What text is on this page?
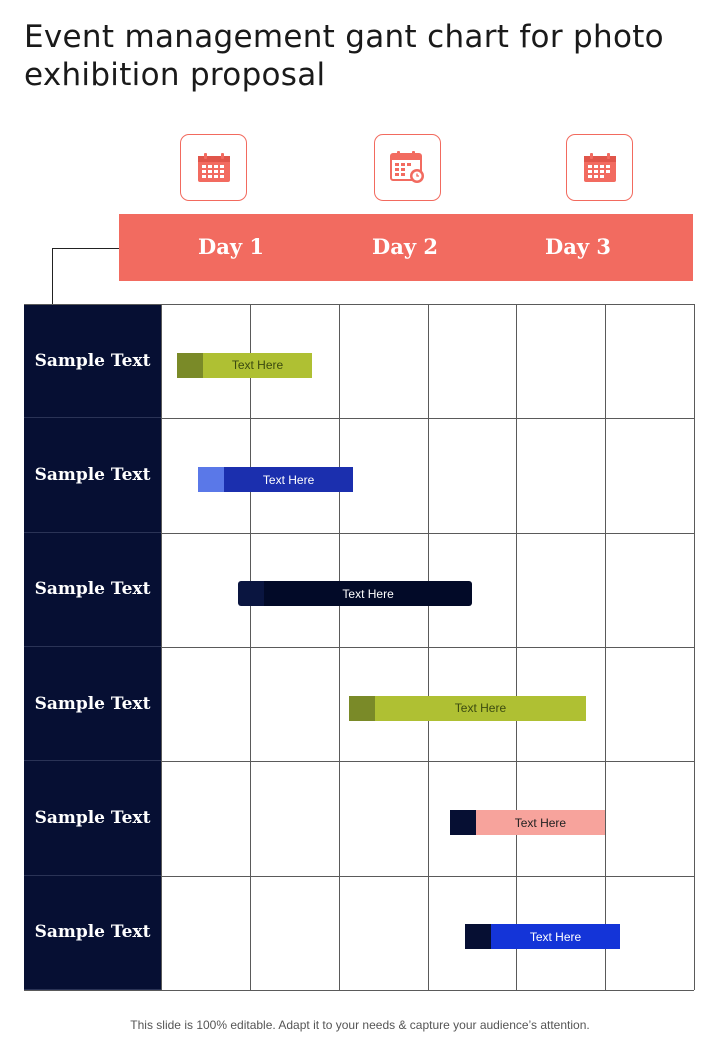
Event management gant chart for photo exhibition proposal
Day 1	Day 2	Day 3
Sample Text
Sample Text
Sample Text
Sample Text
Sample Text
Sample Text
Text Here
Text Here
Text Here
Text Here
Text Here
Text Here
This slide is 100% editable. Adapt it to your needs & capture your audience’s attention.
